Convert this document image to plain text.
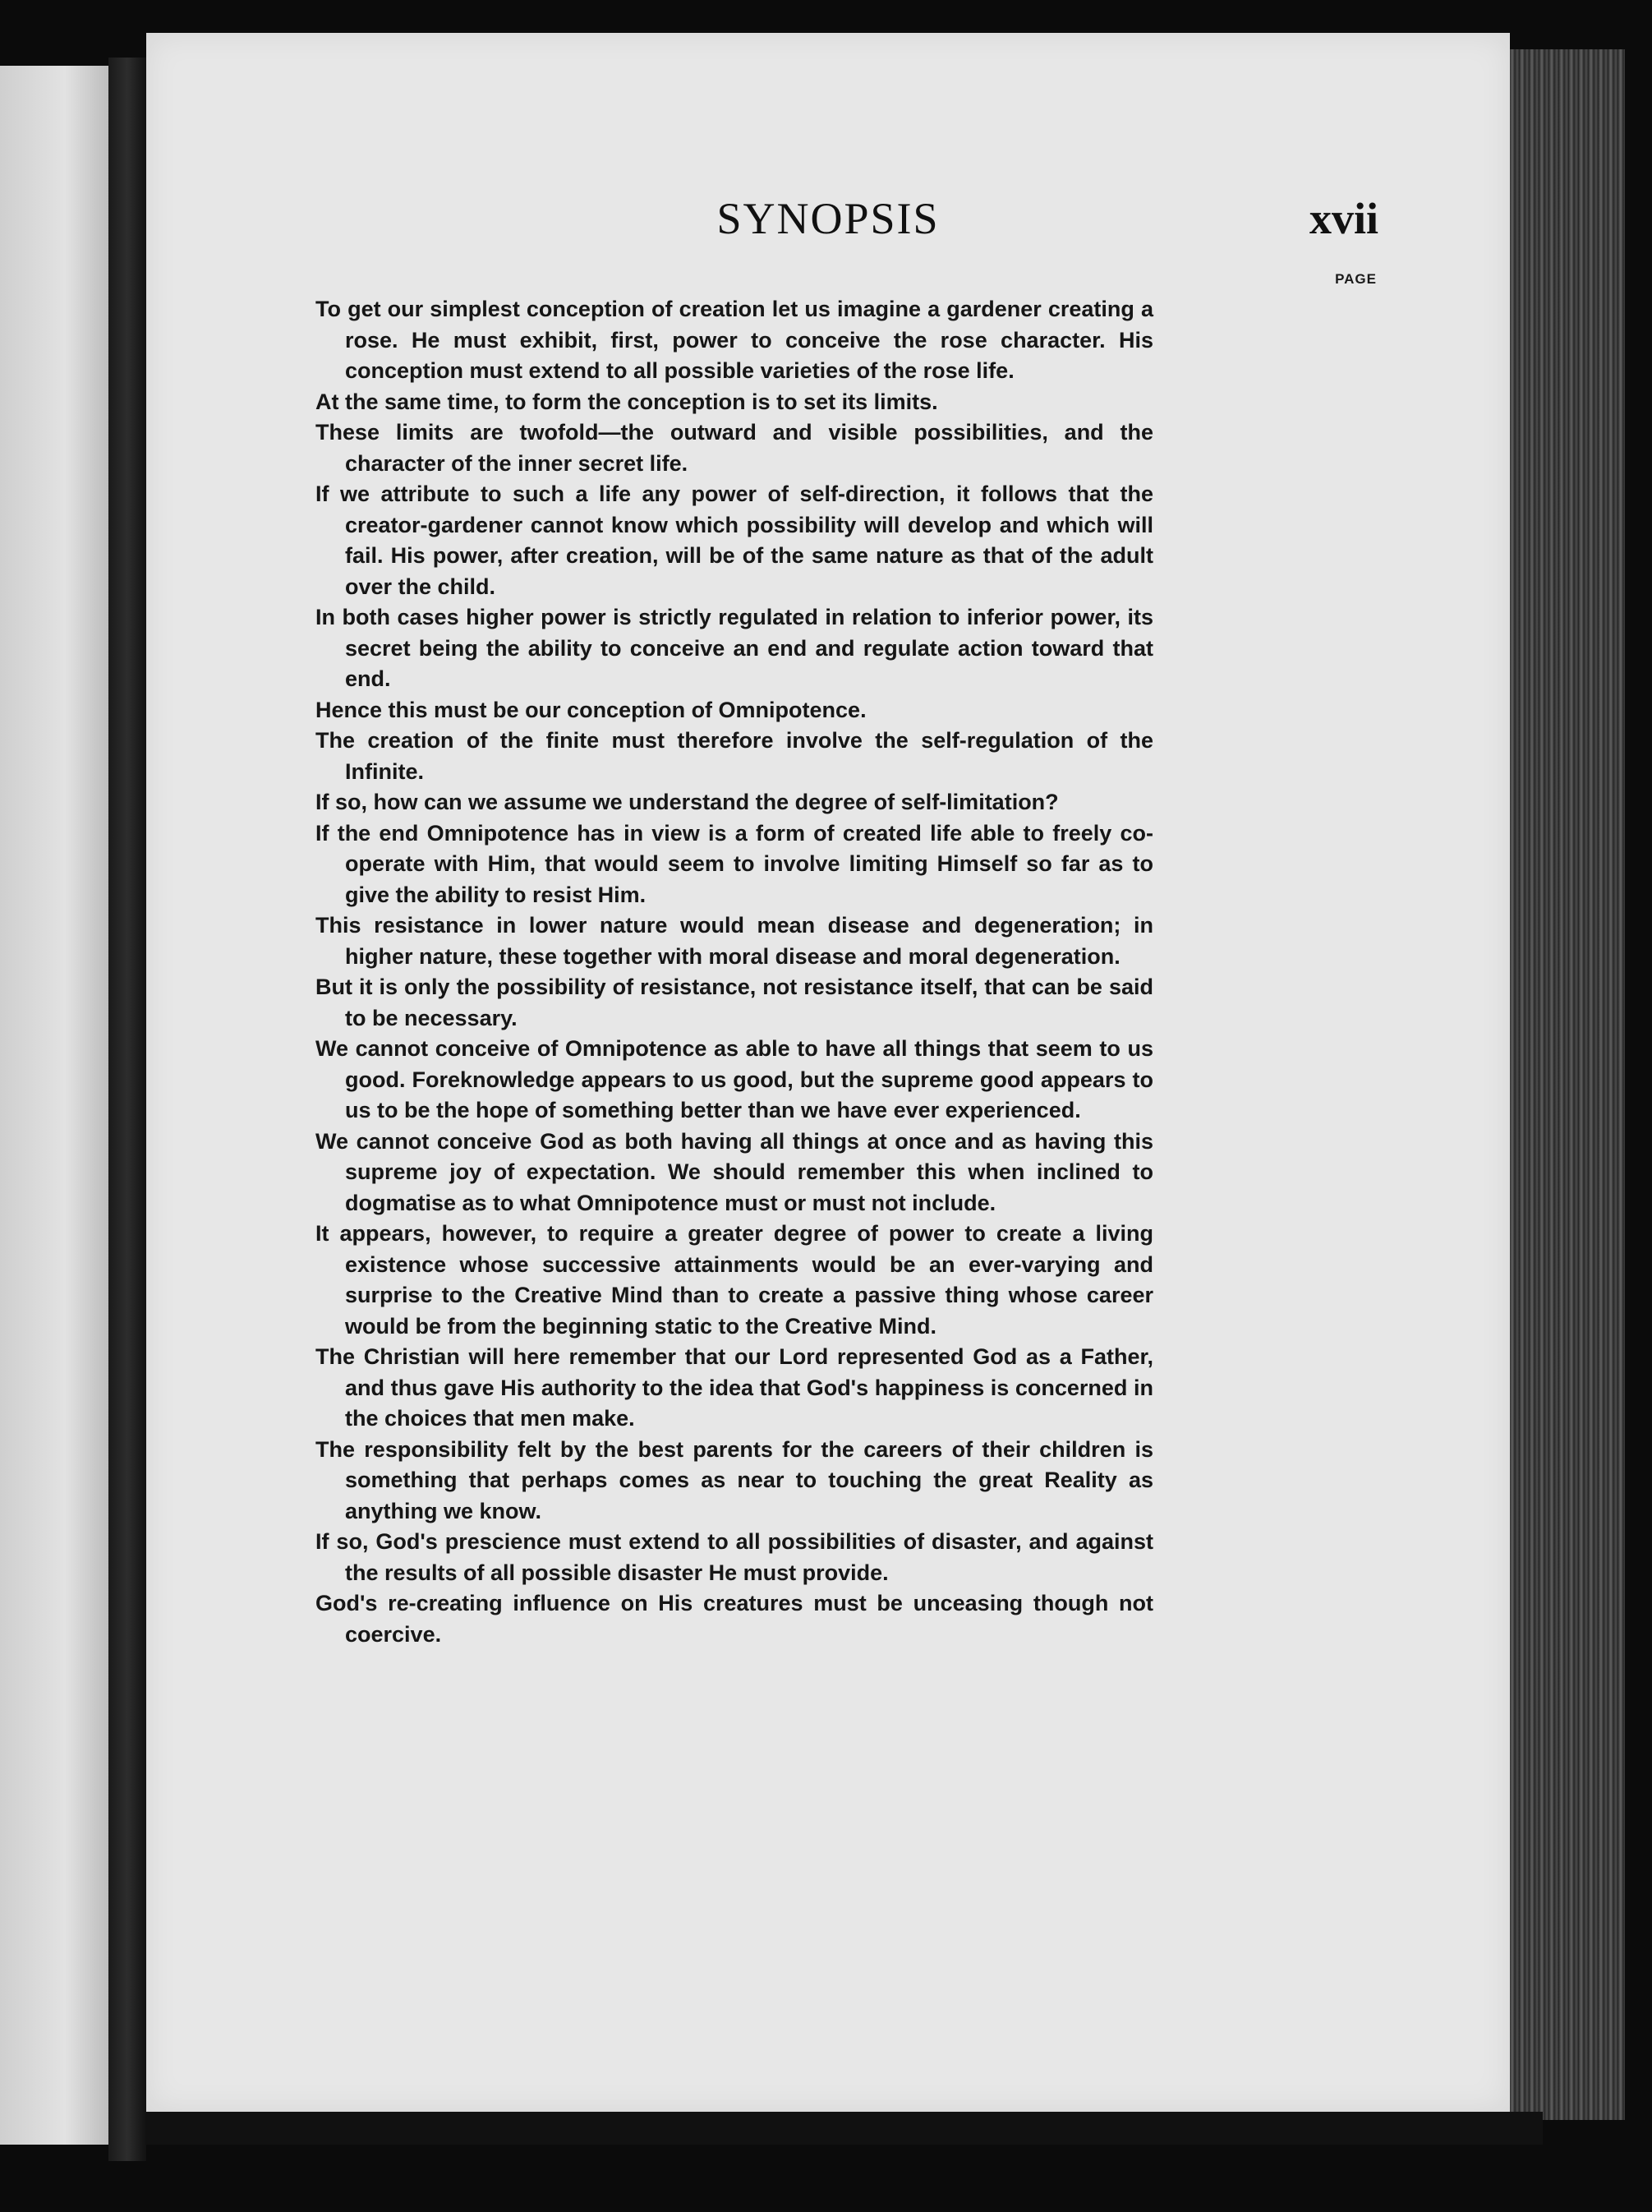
SYNOPSIS	xvii
PAGE
To get our simplest conception of creation let us imagine a gardener creating a rose. He must exhibit, first, power to conceive the rose character. His conception must extend to all possible varieties of the rose life.
At the same time, to form the conception is to set its limits.
These limits are twofold—the outward and visible possibilities, and the character of the inner secret life.
If we attribute to such a life any power of self-direction, it follows that the creator-gardener cannot know which possibility will develop and which will fail. His power, after creation, will be of the same nature as that of the adult over the child.
In both cases higher power is strictly regulated in relation to inferior power, its secret being the ability to conceive an end and regulate action toward that end.
Hence this must be our conception of Omnipotence.
The creation of the finite must therefore involve the self-regulation of the Infinite.
If so, how can we assume we understand the degree of self-limitation?
If the end Omnipotence has in view is a form of created life able to freely co-operate with Him, that would seem to involve limiting Himself so far as to give the ability to resist Him.
This resistance in lower nature would mean disease and degeneration; in higher nature, these together with moral disease and moral degeneration.
But it is only the possibility of resistance, not resistance itself, that can be said to be necessary.
We cannot conceive of Omnipotence as able to have all things that seem to us good. Foreknowledge appears to us good, but the supreme good appears to us to be the hope of something better than we have ever experienced.
We cannot conceive God as both having all things at once and as having this supreme joy of expectation. We should remember this when inclined to dogmatise as to what Omnipotence must or must not include.
It appears, however, to require a greater degree of power to create a living existence whose successive attainments would be an ever-varying and surprise to the Creative Mind than to create a passive thing whose career would be from the beginning static to the Creative Mind.
The Christian will here remember that our Lord represented God as a Father, and thus gave His authority to the idea that God's happiness is concerned in the choices that men make.
The responsibility felt by the best parents for the careers of their children is something that perhaps comes as near to touching the great Reality as anything we know.
If so, God's prescience must extend to all possibilities of disaster, and against the results of all possible disaster He must provide.
God's re-creating influence on His creatures must be unceasing though not coercive.
